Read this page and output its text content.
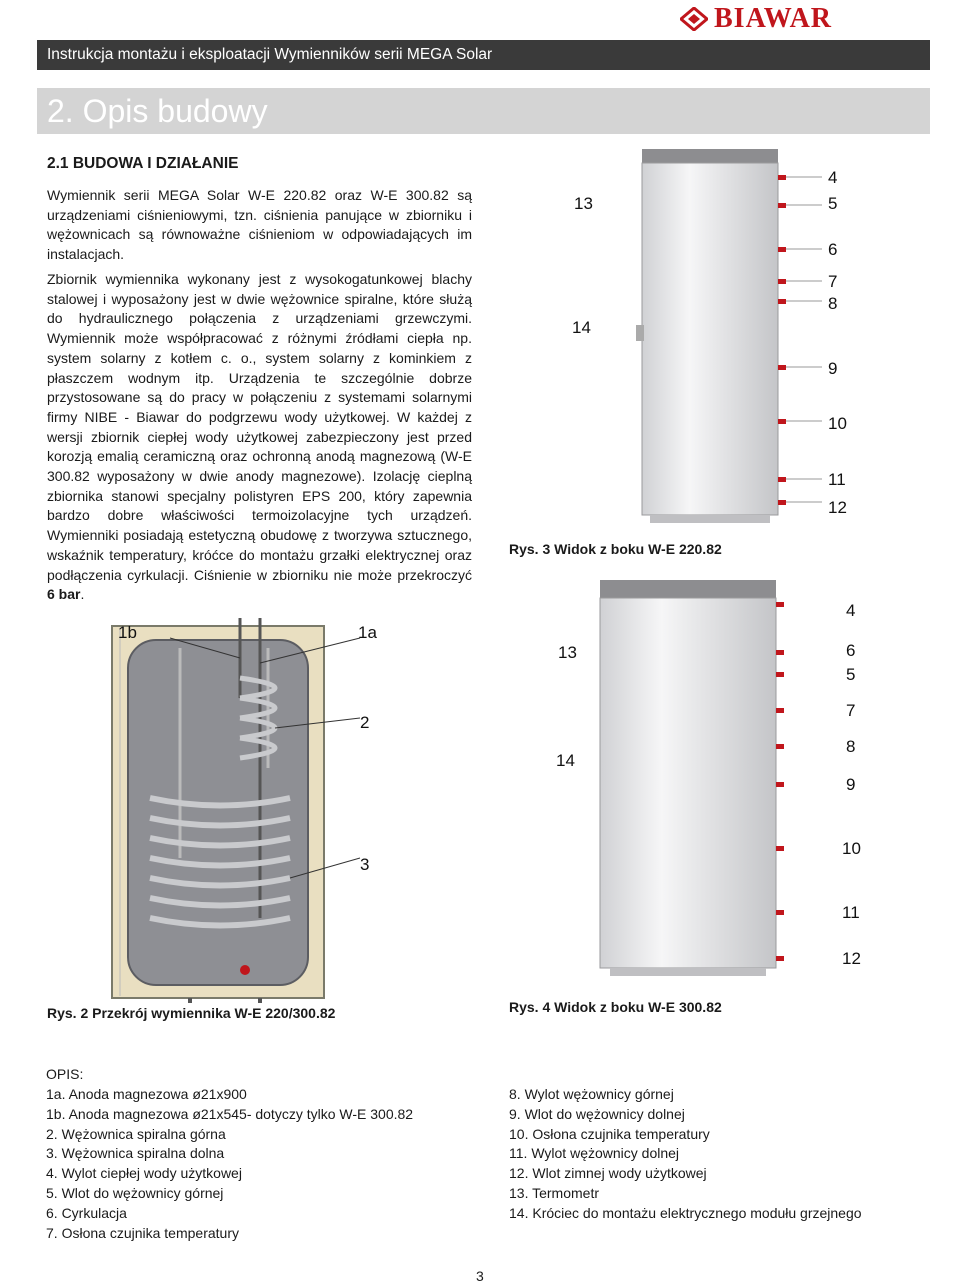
BIAWAR
Instrukcja montażu i eksploatacji Wymienników serii MEGA Solar
2. Opis budowy
2.1 BUDOWA I DZIAŁANIE
Wymiennik serii MEGA Solar W-E 220.82 oraz W-E 300.82 są urządzeniami ciśnieniowymi, tzn. ciśnienia panujące w zbiorniku i wężownicach są równoważne ciśnieniom w odpowiadających im instalacjach.
Zbiornik wymiennika wykonany jest z wysokogatunkowej blachy stalowej i wyposażony jest w dwie wężownice spiralne, które służą do hydraulicznego połączenia z urządzeniami grzewczymi. Wymiennik może współpracować z różnymi źródłami ciepła np. system solarny z kotłem c. o., system solarny z kominkiem z płaszczem wodnym itp. Urządzenia te szczególnie dobrze przystosowane są do pracy w połączeniu z systemami solarnymi firmy NIBE - Biawar do podgrzewu wody użytkowej. W każdej z wersji zbiornik ciepłej wody użytkowej zabezpieczony jest przed korozją emalią ceramiczną oraz ochronną anodą magnezową (W-E 300.82 wyposażony w dwie anody magnezowe). Izolację cieplną zbiornika stanowi specjalny polistyren EPS 200, który zapewnia bardzo dobre właściwości termoizolacyjne tych urządzeń. Wymienniki posiadają estetyczną obudowę z tworzywa sztucznego, wskaźnik temperatury, króćce do montażu grzałki elektrycznej oraz podłączenia cyrkulacji. Ciśnienie w zbiorniku nie może przekroczyć 6 bar.
1b	1a
2
3
Rys. 2 Przekrój wymiennika W-E 220/300.82
13
14
4
5
6
7
8
9
10
11
12
Rys. 3 Widok z boku W-E 220.82
13
14
4
6
5
7
8
9
10
11
12
Rys. 4 Widok z boku W-E 300.82
OPIS:
1a. Anoda magnezowa ø21x900
1b. Anoda magnezowa ø21x545- dotyczy tylko W-E 300.82
2. Wężownica spiralna górna
3. Wężownica spiralna dolna
4. Wylot ciepłej wody użytkowej
5. Wlot do wężownicy górnej
6. Cyrkulacja
7. Osłona czujnika temperatury
8. Wylot wężownicy górnej
9. Wlot do wężownicy dolnej
10. Osłona czujnika temperatury
11. Wylot wężownicy dolnej
12. Wlot zimnej wody użytkowej
13. Termometr
14. Króciec do montażu elektrycznego modułu grzejnego
3
